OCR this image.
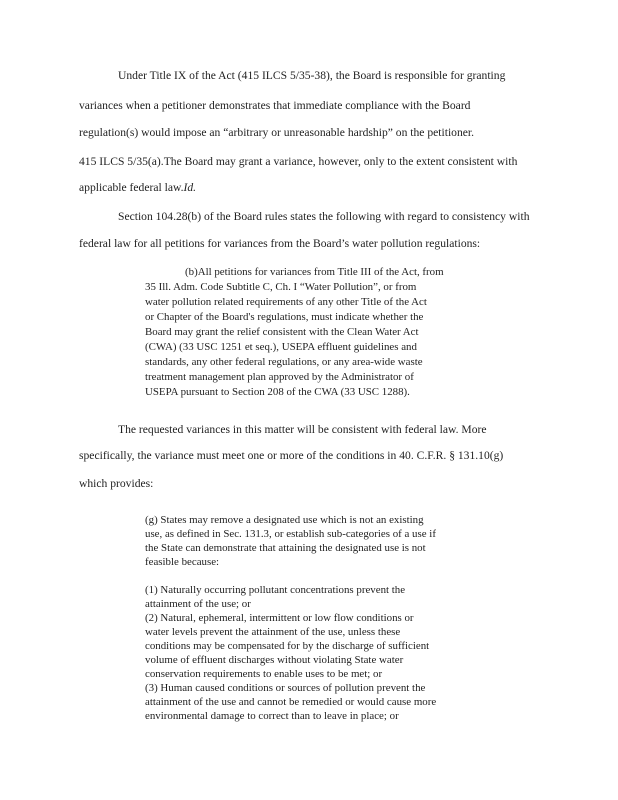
Under Title IX of the Act (415 ILCS 5/35-38), the Board is responsible for granting
variances when a petitioner demonstrates that immediate compliance with the Board
regulation(s) would impose an “arbitrary or unreasonable hardship” on the petitioner.
415 ILCS 5/35(a).The Board may grant a variance, however, only to the extent consistent with
applicable federal law.Id.
Section 104.28(b) of the Board rules states the following with regard to consistency with
federal law for all petitions for variances from the Board’s water pollution regulations:
(b)All petitions for variances from Title III of the Act, from
35 Ill. Adm. Code Subtitle C, Ch. I “Water Pollution”, or from
water pollution related requirements of any other Title of the Act
or Chapter of the Board's regulations, must indicate whether the
Board may grant the relief consistent with the Clean Water Act
(CWA) (33 USC 1251 et seq.), USEPA effluent guidelines and
standards, any other federal regulations, or any area-wide waste
treatment management plan approved by the Administrator of
USEPA pursuant to Section 208 of the CWA (33 USC 1288).
The requested variances in this matter will be consistent with federal law. More
specifically, the variance must meet one or more of the conditions in 40. C.F.R. § 131.10(g)
which provides:
(g) States may remove a designated use which is not an existing
use, as defined in Sec. 131.3, or establish sub-categories of a use if
the State can demonstrate that attaining the designated use is not
feasible because:
(1) Naturally occurring pollutant concentrations prevent the
attainment of the use; or
(2) Natural, ephemeral, intermittent or low flow conditions or
water levels prevent the attainment of the use, unless these
conditions may be compensated for by the discharge of sufficient
volume of effluent discharges without violating State water
conservation requirements to enable uses to be met; or
(3) Human caused conditions or sources of pollution prevent the
attainment of the use and cannot be remedied or would cause more
environmental damage to correct than to leave in place; or
